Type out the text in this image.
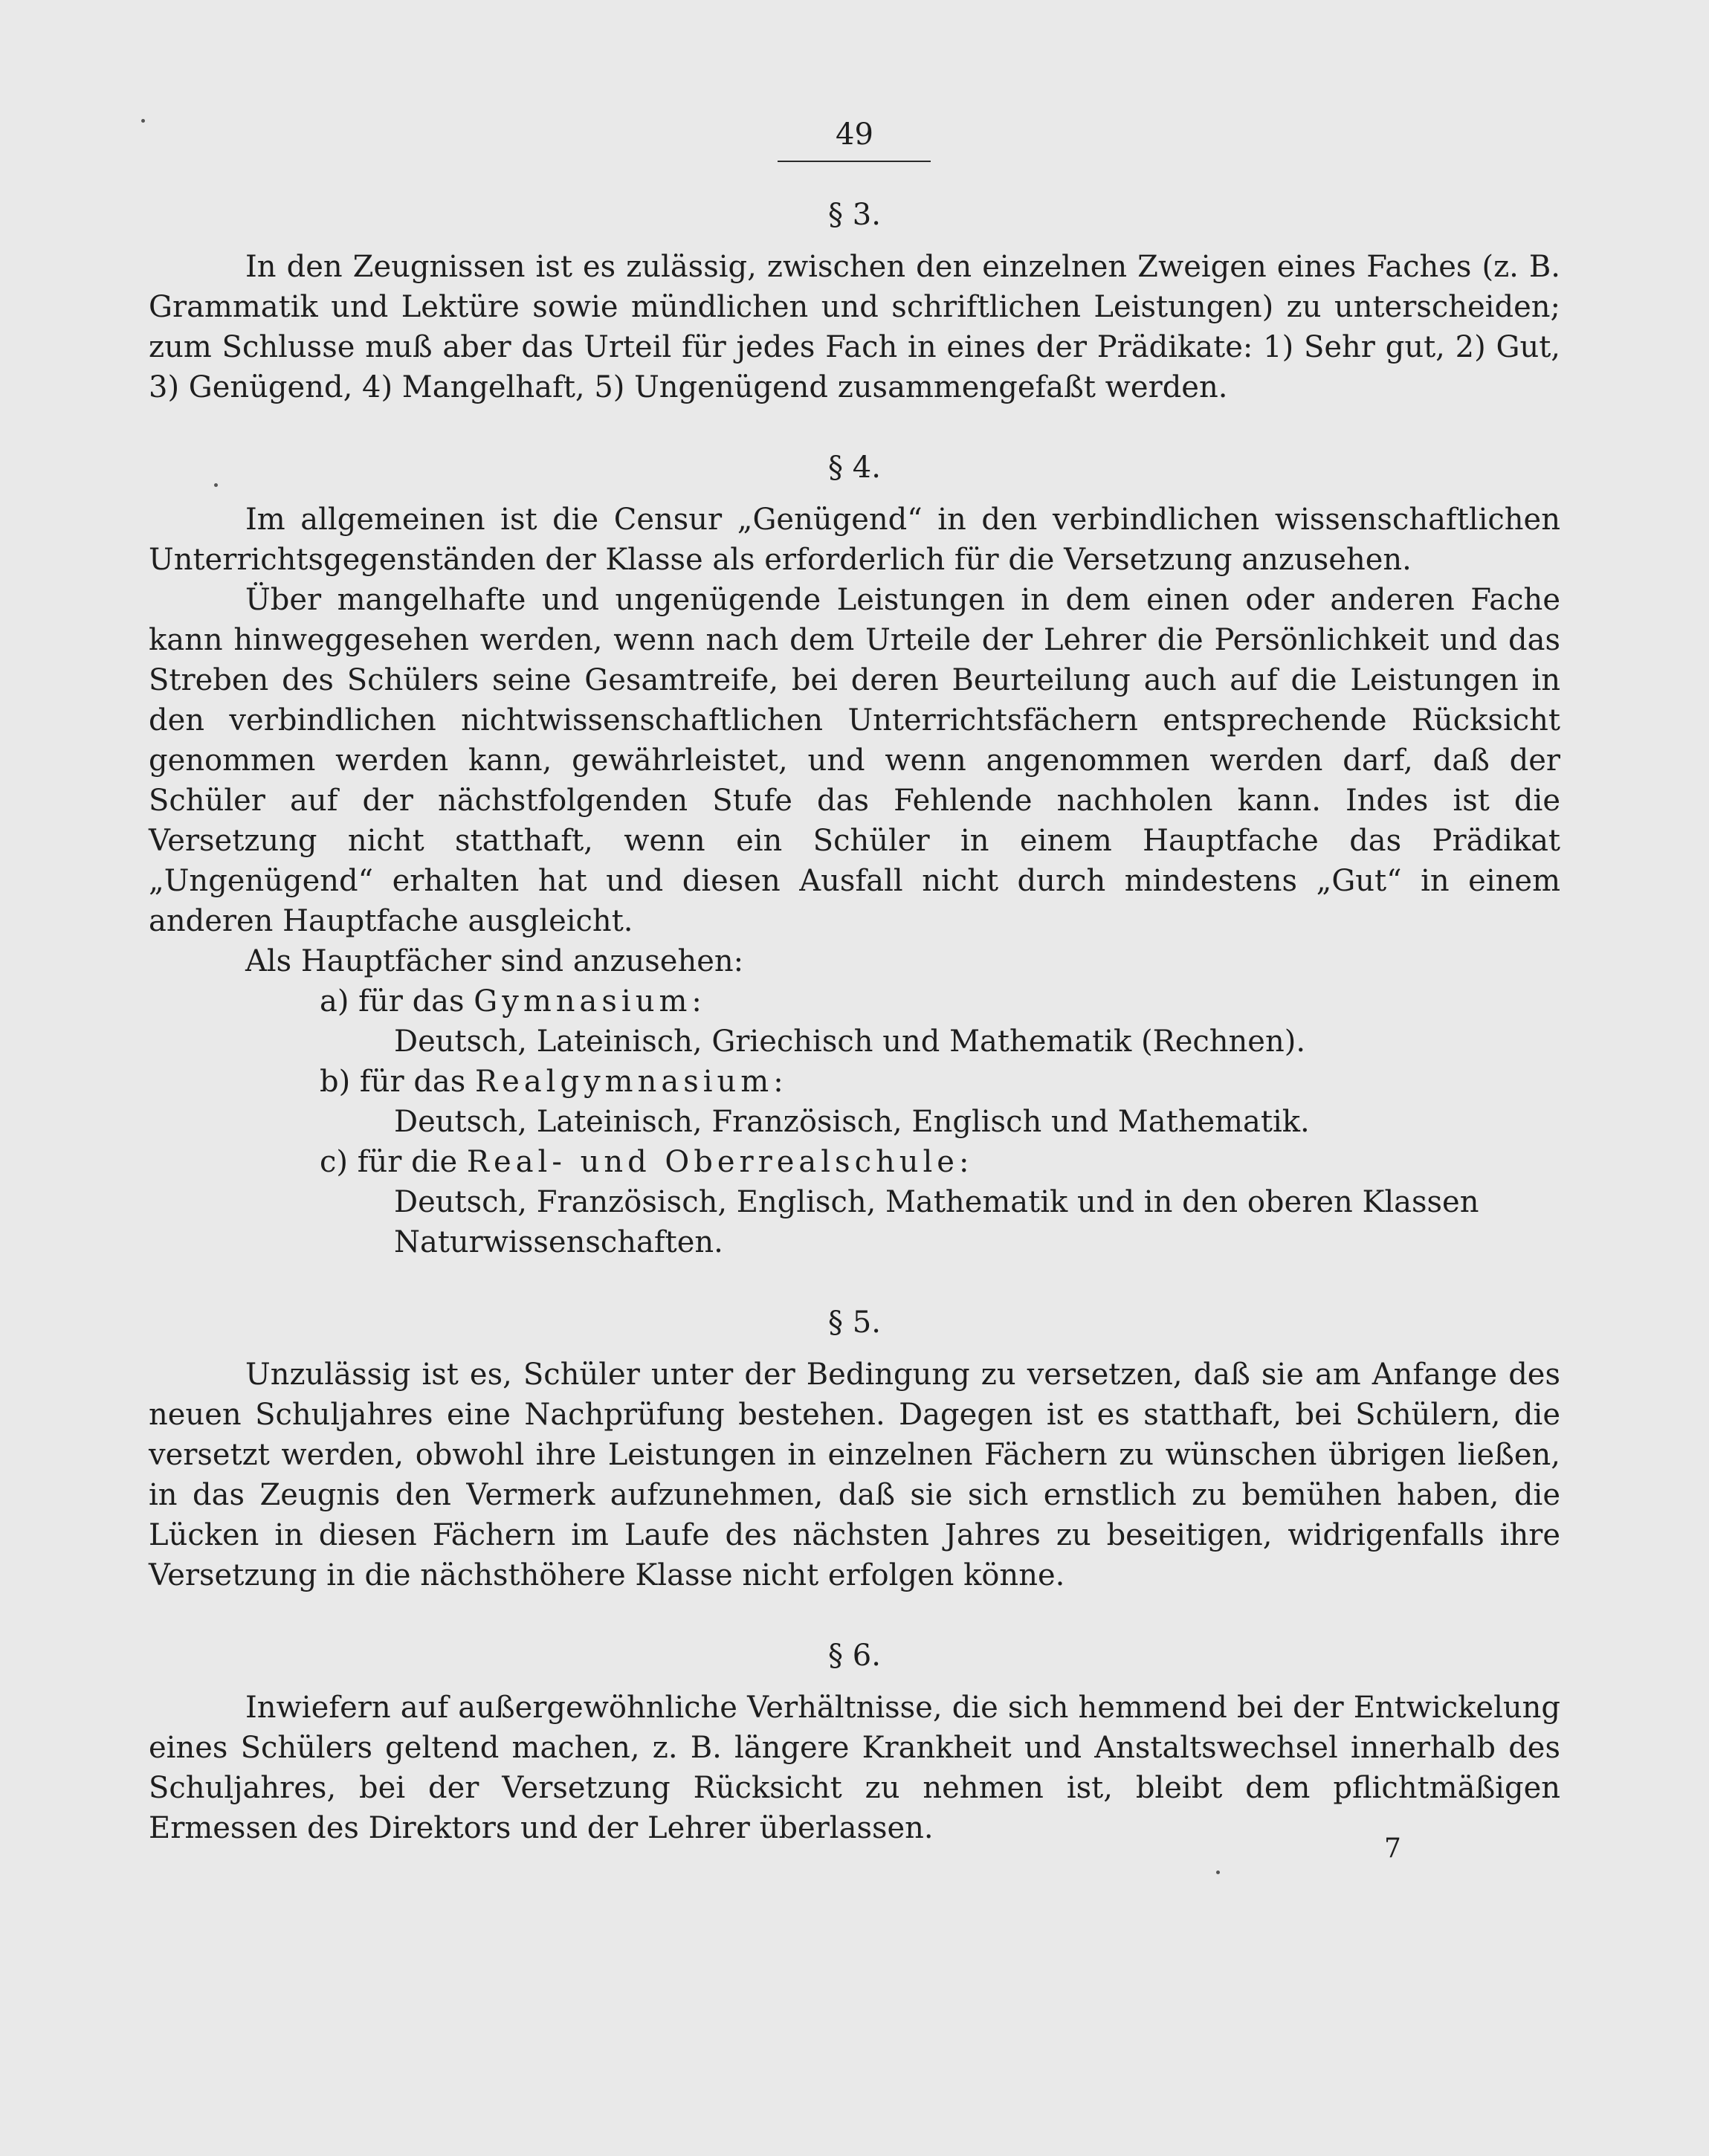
49
§ 3.

In den Zeugnissen ist es zulässig, zwischen den einzelnen Zweigen eines Faches (z. B. Grammatik und Lektüre sowie mündlichen und schriftlichen Leistungen) zu unterscheiden; zum Schlusse muß aber das Urteil für jedes Fach in eines der Prädikate: 1) Sehr gut, 2) Gut, 3) Genügend, 4) Mangelhaft, 5) Ungenügend zusammengefaßt werden.

§ 4.

Im allgemeinen ist die Censur „Genügend“ in den verbindlichen wissenschaftlichen Unterrichtsgegenständen der Klasse als erforderlich für die Versetzung anzusehen.

Über mangelhafte und ungenügende Leistungen in dem einen oder anderen Fache kann hinweggesehen werden, wenn nach dem Urteile der Lehrer die Persönlichkeit und das Streben des Schülers seine Gesamtreife, bei deren Beurteilung auch auf die Leistungen in den verbindlichen nichtwissenschaftlichen Unterrichtsfächern entsprechende Rücksicht genommen werden kann, gewährleistet, und wenn angenommen werden darf, daß der Schüler auf der nächstfolgenden Stufe das Fehlende nachholen kann. Indes ist die Versetzung nicht statthaft, wenn ein Schüler in einem Hauptfache das Prädikat „Ungenügend“ erhalten hat und diesen Ausfall nicht durch mindestens „Gut“ in einem anderen Hauptfache ausgleicht.

Als Hauptfächer sind anzusehen:

a) für das Gymnasium:
Deutsch, Lateinisch, Griechisch und Mathematik (Rechnen).
b) für das Realgymnasium:
Deutsch, Lateinisch, Französisch, Englisch und Mathematik.
c) für die Real- und Oberrealschule:
Deutsch, Französisch, Englisch, Mathematik und in den oberen Klassen Naturwissenschaften.
§ 5.

Unzulässig ist es, Schüler unter der Bedingung zu versetzen, daß sie am Anfange des neuen Schuljahres eine Nachprüfung bestehen. Dagegen ist es statthaft, bei Schülern, die versetzt werden, obwohl ihre Leistungen in einzelnen Fächern zu wünschen übrigen ließen, in das Zeugnis den Vermerk aufzunehmen, daß sie sich ernstlich zu bemühen haben, die Lücken in diesen Fächern im Laufe des nächsten Jahres zu beseitigen, widrigenfalls ihre Versetzung in die nächsthöhere Klasse nicht erfolgen könne.

§ 6.

Inwiefern auf außergewöhnliche Verhältnisse, die sich hemmend bei der Entwickelung eines Schülers geltend machen, z. B. längere Krankheit und Anstaltswechsel innerhalb des Schuljahres, bei der Versetzung Rücksicht zu nehmen ist, bleibt dem pflichtmäßigen Ermessen des Direktors und der Lehrer überlassen.

7
